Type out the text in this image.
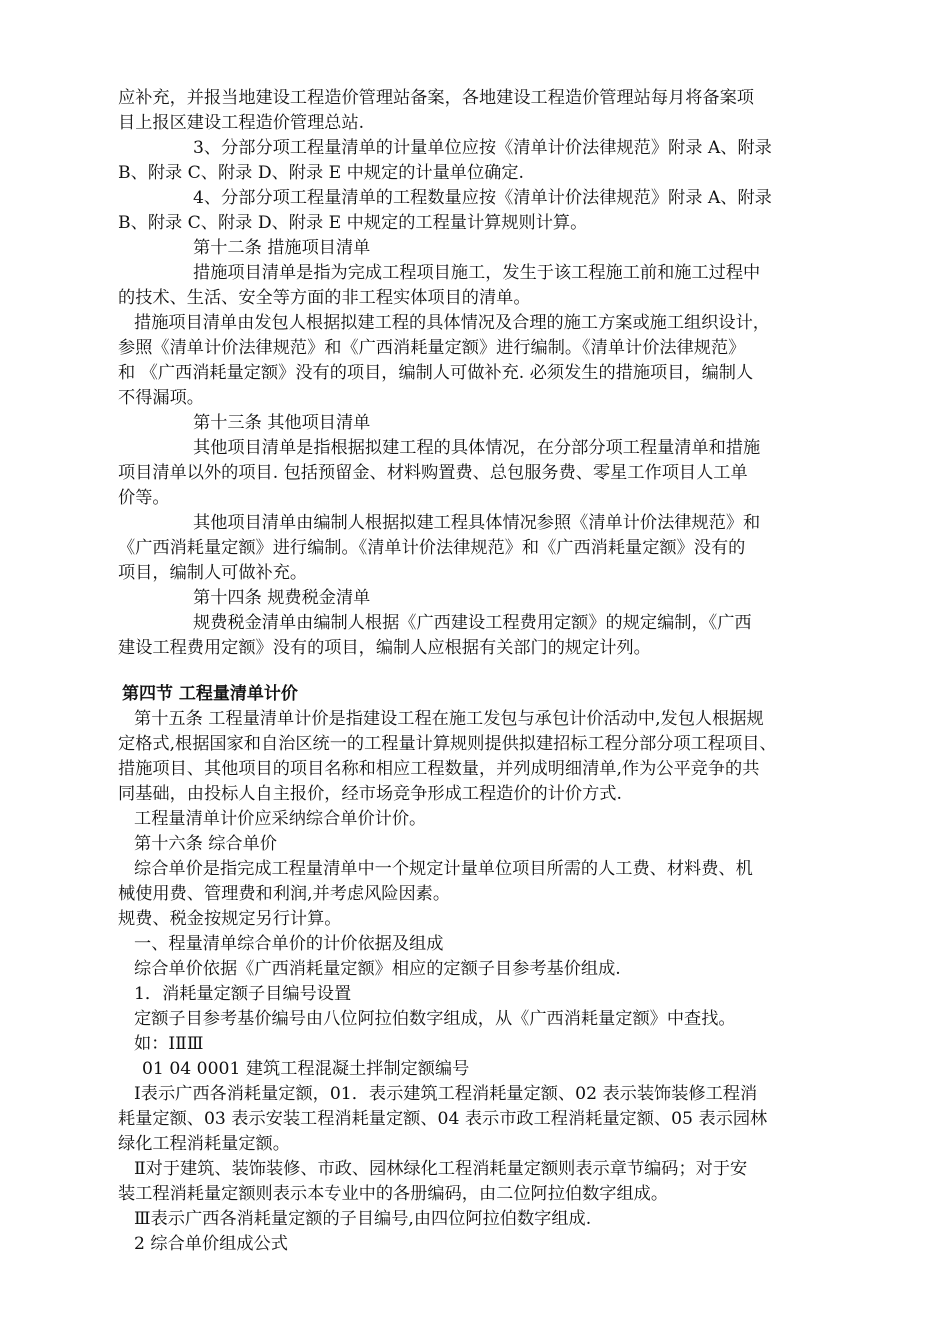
应补充，并报当地建设工程造价管理站备案，各地建设工程造价管理站每月将备案项
目上报区建设工程造价管理总站.
3、分部分项工程量清单的计量单位应按《清单计价法律规范》附录 A、附录
B、附录 C、附录 D、附录 E 中规定的计量单位确定.
4、分部分项工程量清单的工程数量应按《清单计价法律规范》附录 A、附录
B、附录 C、附录 D、附录 E 中规定的工程量计算规则计算。
第十二条 措施项目清单
措施项目清单是指为完成工程项目施工，发生于该工程施工前和施工过程中
的技术、生活、安全等方面的非工程实体项目的清单。
措施项目清单由发包人根据拟建工程的具体情况及合理的施工方案或施工组织设计，
参照《清单计价法律规范》和《广西消耗量定额》进行编制。《清单计价法律规范》
和 《广西消耗量定额》没有的项目，编制人可做补充. 必须发生的措施项目，编制人
不得漏项。
第十三条 其他项目清单
其他项目清单是指根据拟建工程的具体情况，在分部分项工程量清单和措施
项目清单以外的项目. 包括预留金、材料购置费、总包服务费、零星工作项目人工单
价等。
其他项目清单由编制人根据拟建工程具体情况参照《清单计价法律规范》和
《广西消耗量定额》进行编制。《清单计价法律规范》和《广西消耗量定额》没有的
项目，编制人可做补充。
第十四条 规费税金清单
规费税金清单由编制人根据《广西建设工程费用定额》的规定编制，《广西
建设工程费用定额》没有的项目，编制人应根据有关部门的规定计列。
第四节 工程量清单计价
第十五条 工程量清单计价是指建设工程在施工发包与承包计价活动中,发包人根据规
定格式,根据国家和自治区统一的工程量计算规则提供拟建招标工程分部分项工程项目、
措施项目、其他项目的项目名称和相应工程数量，并列成明细清单,作为公平竞争的共
同基础，由投标人自主报价，经市场竞争形成工程造价的计价方式.
工程量清单计价应采纳综合单价计价。
第十六条 综合单价
综合单价是指完成工程量清单中一个规定计量单位项目所需的人工费、材料费、机
械使用费、管理费和利润,并考虑风险因素。
规费、税金按规定另行计算。
一、程量清单综合单价的计价依据及组成
综合单价依据《广西消耗量定额》相应的定额子目参考基价组成.
1．消耗量定额子目编号设置
定额子目参考基价编号由八位阿拉伯数字组成，从《广西消耗量定额》中查找。
如：ⅠⅡⅢ
01 04 0001 建筑工程混凝土拌制定额编号
Ⅰ表示广西各消耗量定额，01．表示建筑工程消耗量定额、02 表示装饰装修工程消
耗量定额、03 表示安装工程消耗量定额、04 表示市政工程消耗量定额、05 表示园林
绿化工程消耗量定额。
Ⅱ对于建筑、装饰装修、市政、园林绿化工程消耗量定额则表示章节编码；对于安
装工程消耗量定额则表示本专业中的各册编码，由二位阿拉伯数字组成。
Ⅲ表示广西各消耗量定额的子目编号,由四位阿拉伯数字组成.
2 综合单价组成公式
